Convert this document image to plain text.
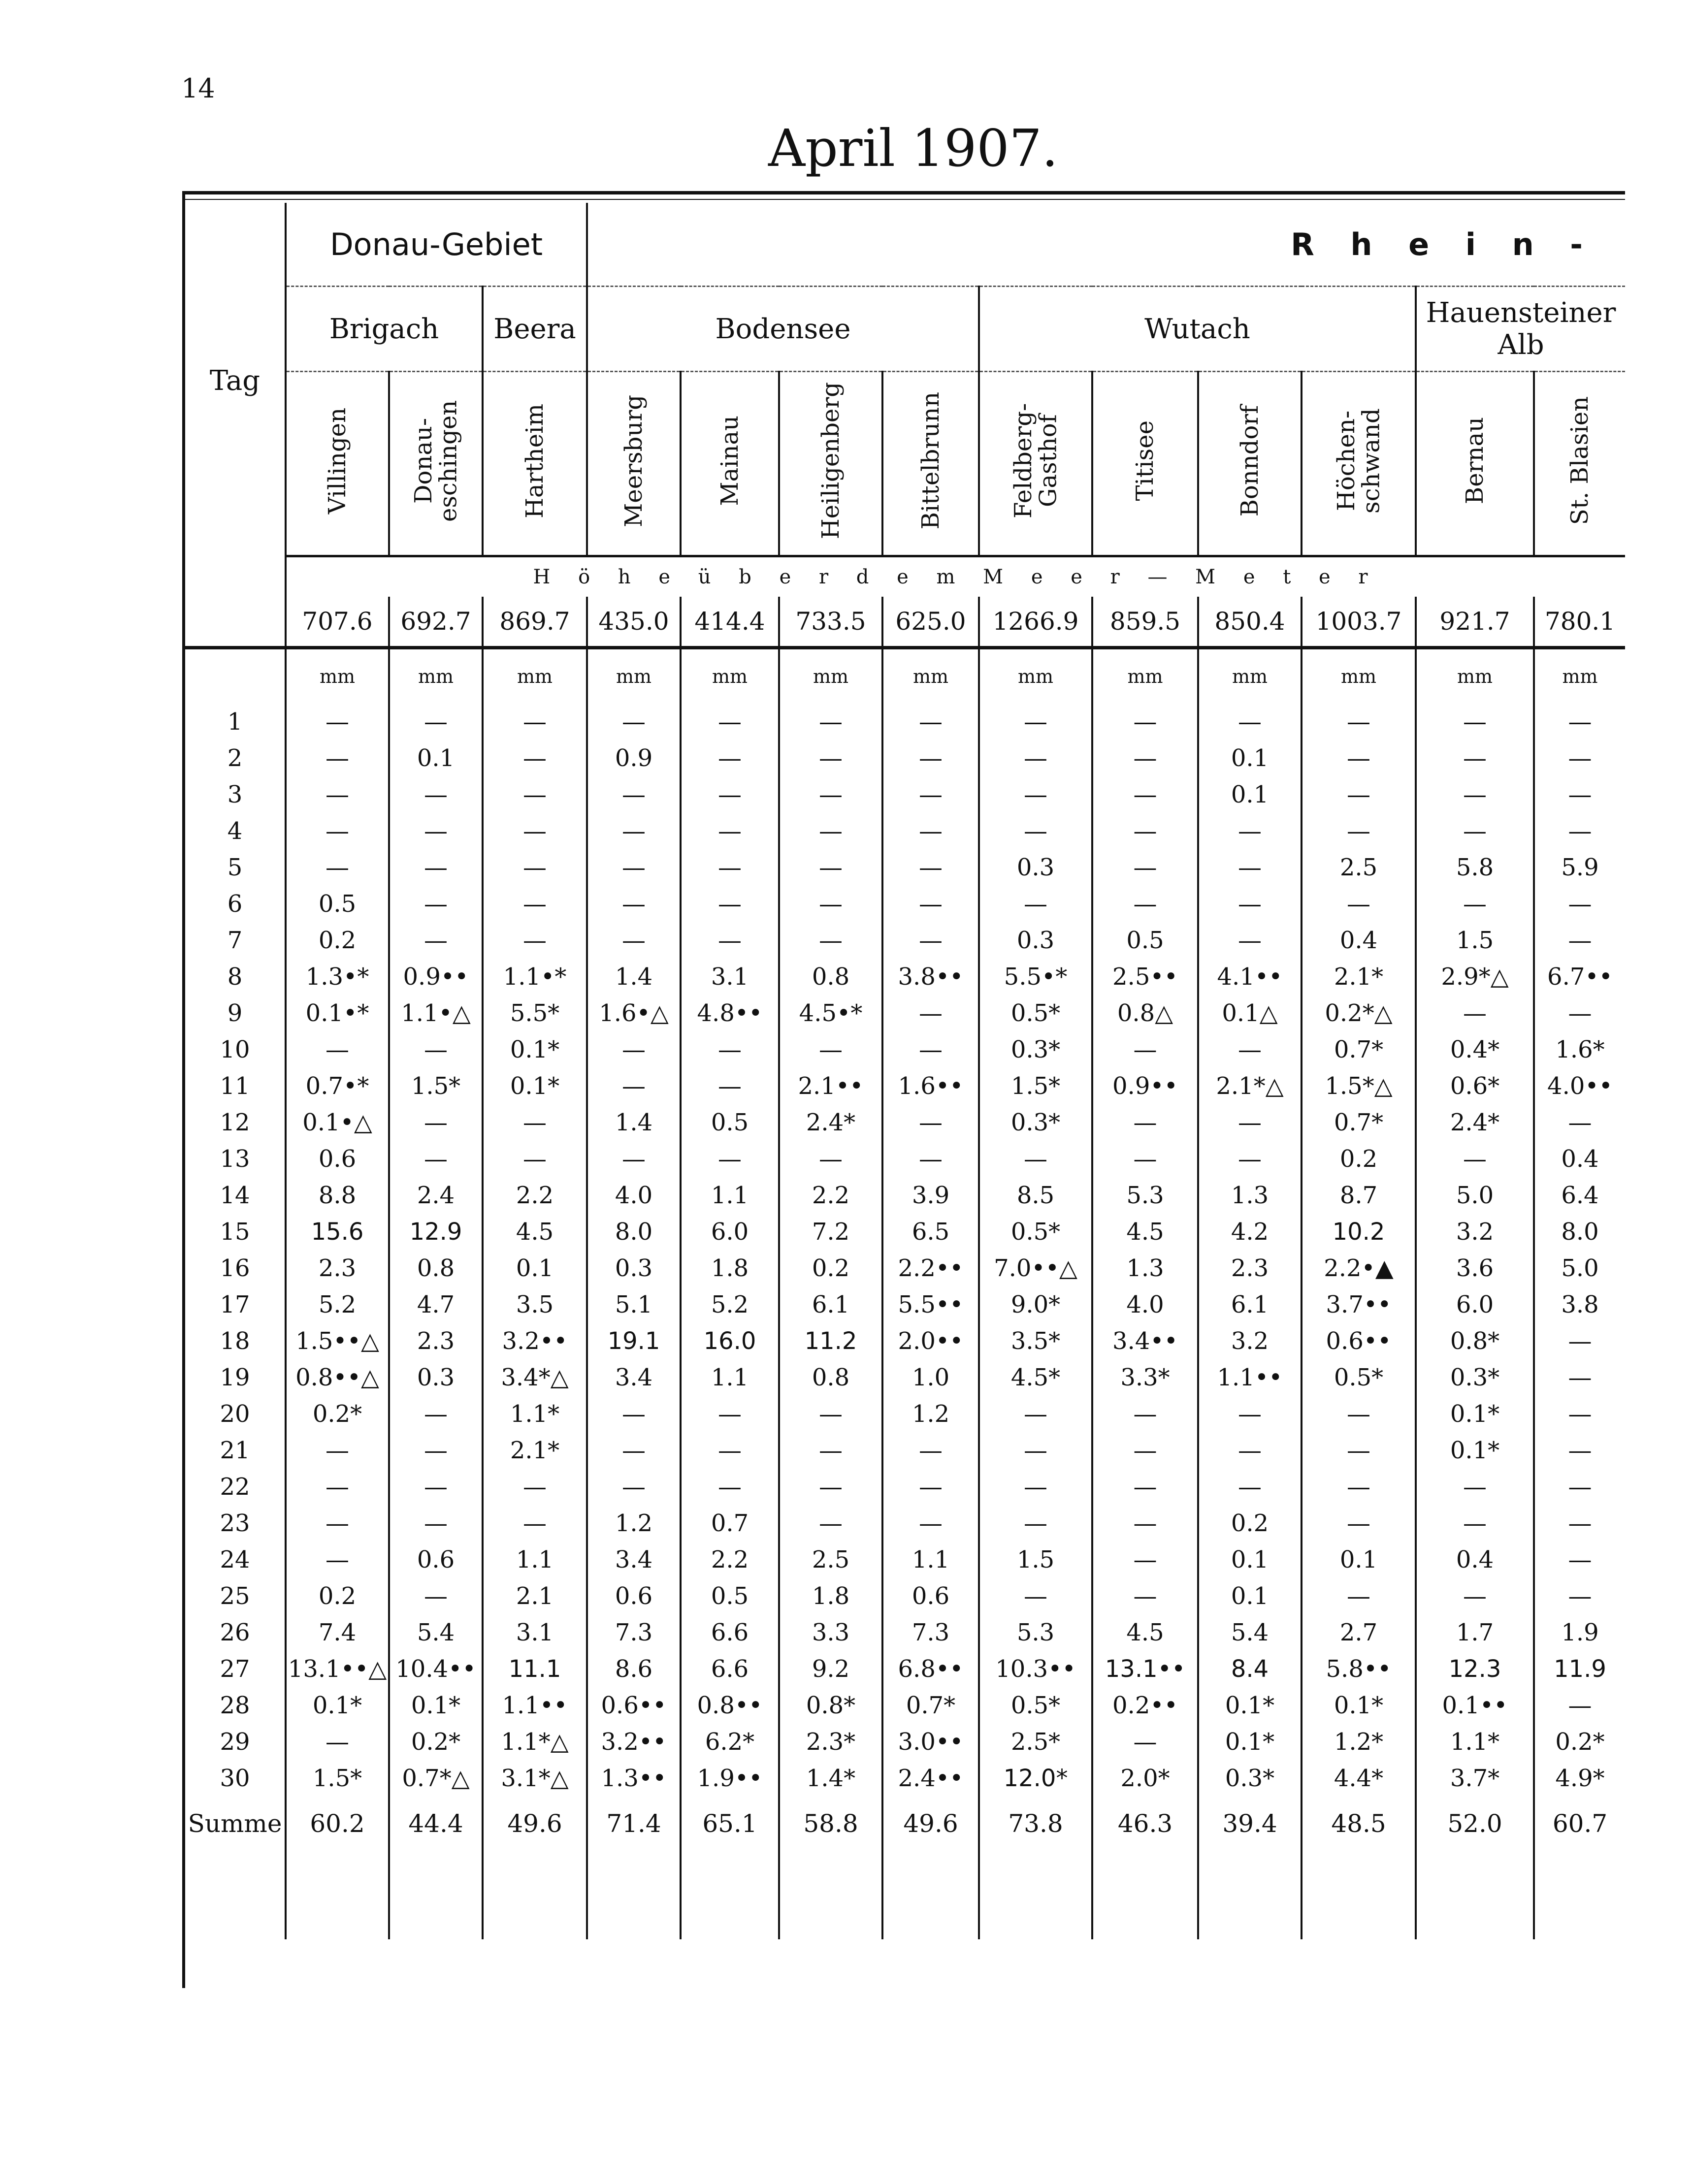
14
April 1907.
Tag	Donau-Gebiet			R h e i n -									
	Brigach		Beera	Bodensee				Wutach				Hauensteiner Alb	
	Villingen	Donau-eschingen	Hartheim	Meersburg	Mainau	Heiligenberg	Bittelbrunn	Feldberg-Gasthof	Titisee	Bonndorf	Höchen-schwand	Bernau	St. Blasien
	H ö h e ü b e r d e m M e e r — M e t e r												
	707.6	692.7	869.7	435.0	414.4	733.5	625.0	1266.9	859.5	850.4	1003.7	921.7	780.1
	mm	mm	mm	mm	mm	mm	mm	mm	mm	mm	mm	mm	mm
1	—	—	—	—	—	—	—	—	—	—	—	—	—
2	—	0.1	—	0.9	—	—	—	—	—	0.1	—	—	—
3	—	—	—	—	—	—	—	—	—	0.1	—	—	—
4	—	—	—	—	—	—	—	—	—	—	—	—	—
5	—	—	—	—	—	—	—	0.3	—	—	2.5	5.8	5.9
6	0.5	—	—	—	—	—	—	—	—	—	—	—	—
7	0.2	—	—	—	—	—	—	0.3	0.5	—	0.4	1.5	—
8	1.3•*	0.9••	1.1•*	1.4	3.1	0.8	3.8••	5.5•*	2.5••	4.1••	2.1*	2.9*△	6.7••
9	0.1•*	1.1•△	5.5*	1.6•△	4.8••	4.5•*	—	0.5*	0.8△	0.1△	0.2*△	—	—
10	—	—	0.1*	—	—	—	—	0.3*	—	—	0.7*	0.4*	1.6*
11	0.7•*	1.5*	0.1*	—	—	2.1••	1.6••	1.5*	0.9••	2.1*△	1.5*△	0.6*	4.0••
12	0.1•△	—	—	1.4	0.5	2.4*	—	0.3*	—	—	0.7*	2.4*	—
13	0.6	—	—	—	—	—	—	—	—	—	0.2	—	0.4
14	8.8	2.4	2.2	4.0	1.1	2.2	3.9	8.5	5.3	1.3	8.7	5.0	6.4
15	15.6	12.9	4.5	8.0	6.0	7.2	6.5	0.5*	4.5	4.2	10.2	3.2	8.0
16	2.3	0.8	0.1	0.3	1.8	0.2	2.2••	7.0••△	1.3	2.3	2.2•▲	3.6	5.0
17	5.2	4.7	3.5	5.1	5.2	6.1	5.5••	9.0*	4.0	6.1	3.7••	6.0	3.8
18	1.5••△	2.3	3.2••	19.1	16.0	11.2	2.0••	3.5*	3.4••	3.2	0.6••	0.8*	—
19	0.8••△	0.3	3.4*△	3.4	1.1	0.8	1.0	4.5*	3.3*	1.1••	0.5*	0.3*	—
20	0.2*	—	1.1*	—	—	—	1.2	—	—	—	—	0.1*	—
21	—	—	2.1*	—	—	—	—	—	—	—	—	0.1*	—
22	—	—	—	—	—	—	—	—	—	—	—	—	—
23	—	—	—	1.2	0.7	—	—	—	—	0.2	—	—	—
24	—	0.6	1.1	3.4	2.2	2.5	1.1	1.5	—	0.1	0.1	0.4	—
25	0.2	—	2.1	0.6	0.5	1.8	0.6	—	—	0.1	—	—	—
26	7.4	5.4	3.1	7.3	6.6	3.3	7.3	5.3	4.5	5.4	2.7	1.7	1.9
27	13.1••△	10.4••	11.1	8.6	6.6	9.2	6.8••	10.3••	13.1••	8.4	5.8••	12.3	11.9
28	0.1*	0.1*	1.1••	0.6••	0.8••	0.8*	0.7*	0.5*	0.2••	0.1*	0.1*	0.1••	—
29	—	0.2*	1.1*△	3.2••	6.2*	2.3*	3.0••	2.5*	—	0.1*	1.2*	1.1*	0.2*
30	1.5*	0.7*△	3.1*△	1.3••	1.9••	1.4*	2.4••	12.0*	2.0*	0.3*	4.4*	3.7*	4.9*
Summe	60.2	44.4	49.6	71.4	65.1	58.8	49.6	73.8	46.3	39.4	48.5	52.0	60.7
